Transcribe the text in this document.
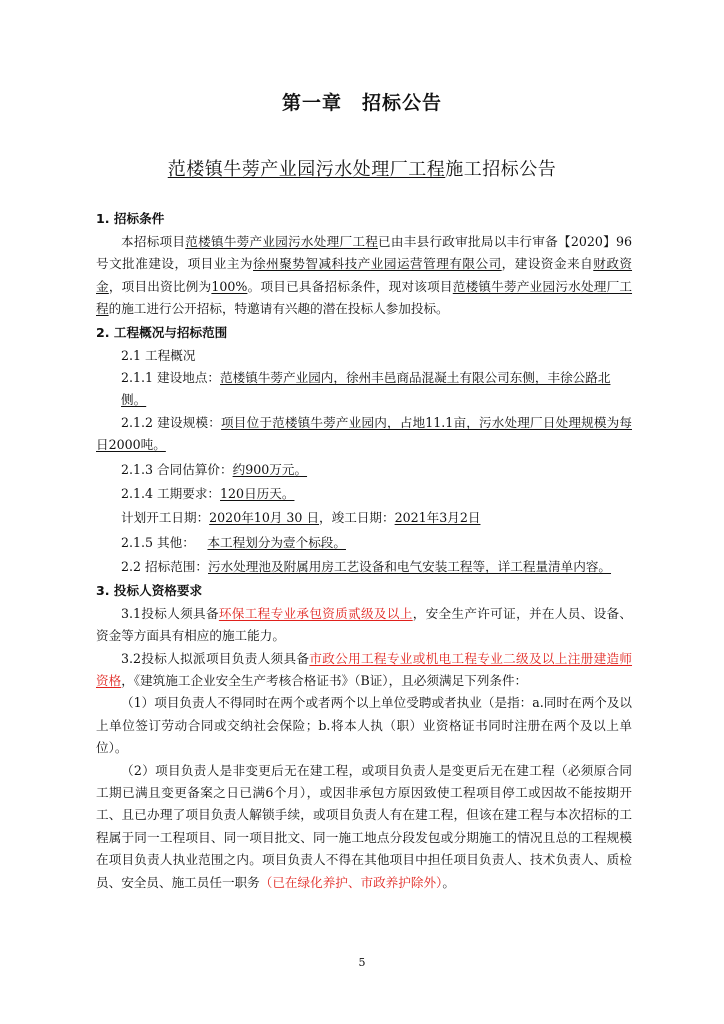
第一章　招标公告
范楼镇牛蒡产业园污水处理厂工程施工招标公告
1. 招标条件
本招标项目范楼镇牛蒡产业园污水处理厂工程已由丰县行政审批局以丰行审备【2020】96号文批准建设，项目业主为徐州聚势智减科技产业园运营管理有限公司，建设资金来自财政资金，项目出资比例为100%。项目已具备招标条件，现对该项目范楼镇牛蒡产业园污水处理厂工程的施工进行公开招标，特邀请有兴趣的潜在投标人参加投标。
2. 工程概况与招标范围
2.1 工程概况
2.1.1 建设地点：范楼镇牛蒡产业园内，徐州丰邑商品混凝土有限公司东侧，丰徐公路北侧。
2.1.2 建设规模：项目位于范楼镇牛蒡产业园内，占地11.1亩，污水处理厂日处理规模为每日2000吨。
2.1.3 合同估算价：约900万元。
2.1.4 工期要求：120日历天。
计划开工日期：2020年10月 30 日，竣工日期：2021年3月2日
2.1.5 其他：  本工程划分为壹个标段。
2.2 招标范围：污水处理池及附属用房工艺设备和电气安装工程等，详工程量清单内容。
3. 投标人资格要求
3.1投标人须具备环保工程专业承包资质贰级及以上，安全生产许可证，并在人员、设备、资金等方面具有相应的施工能力。
3.2投标人拟派项目负责人须具备市政公用工程专业或机电工程专业二级及以上注册建造师资格，《建筑施工企业安全生产考核合格证书》（B证），且必须满足下列条件：
（1）项目负责人不得同时在两个或者两个以上单位受聘或者执业（是指：a.同时在两个及以上单位签订劳动合同或交纳社会保险；b.将本人执（职）业资格证书同时注册在两个及以上单位）。
（2）项目负责人是非变更后无在建工程，或项目负责人是变更后无在建工程（必须原合同工期已满且变更备案之日已满6个月），或因非承包方原因致使工程项目停工或因故不能按期开工、且已办理了项目负责人解锁手续，或项目负责人有在建工程，但该在建工程与本次招标的工程属于同一工程项目、同一项目批文、同一施工地点分段发包或分期施工的情况且总的工程规模在项目负责人执业范围之内。项目负责人不得在其他项目中担任项目负责人、技术负责人、质检员、安全员、施工员任一职务（已在绿化养护、市政养护除外）。
5
